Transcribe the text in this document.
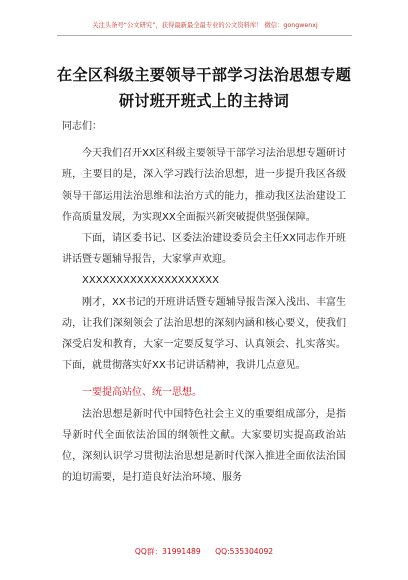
关注头条号“公文研究”，获得最新最全最专业的公文资料库！ 微信：gongwenxj
在全区科级主要领导干部学习法治思想专题研讨班开班式上的主持词

同志们：

今天我们召开XX区科级主要领导干部学习法治思想专题研讨班，主要目的是，深入学习践行法治思想，进一步提升我区各级领导干部运用法治思维和法治方式的能力，推动我区法治建设工作高质量发展，为实现XX全面振兴新突破提供坚强保障。

下面，请区委书记、区委法治建设委员会主任XX同志作开班讲话暨专题辅导报告，大家掌声欢迎。

XXXXXXXXXXXXXXXXXXXX

刚才，XX书记的开班讲话暨专题辅导报告深入浅出、丰富生动，让我们深刻领会了法治思想的深刻内涵和核心要义，使我们深受启发和教育，大家一定要反复学习、认真领会、扎实落实。下面，就贯彻落实好XX书记讲话精神，我讲几点意见。

一要提高站位、统一思想。

法治思想是新时代中国特色社会主义的重要组成部分，是指导新时代全面依法治国的纲领性文献。大家要切实提高政治站位，深刻认识学习贯彻法治思想是新时代深入推进全面依法治国的迫切需要，是打造良好法治环境、服务

QQ群：31991489 QQ:535304092
